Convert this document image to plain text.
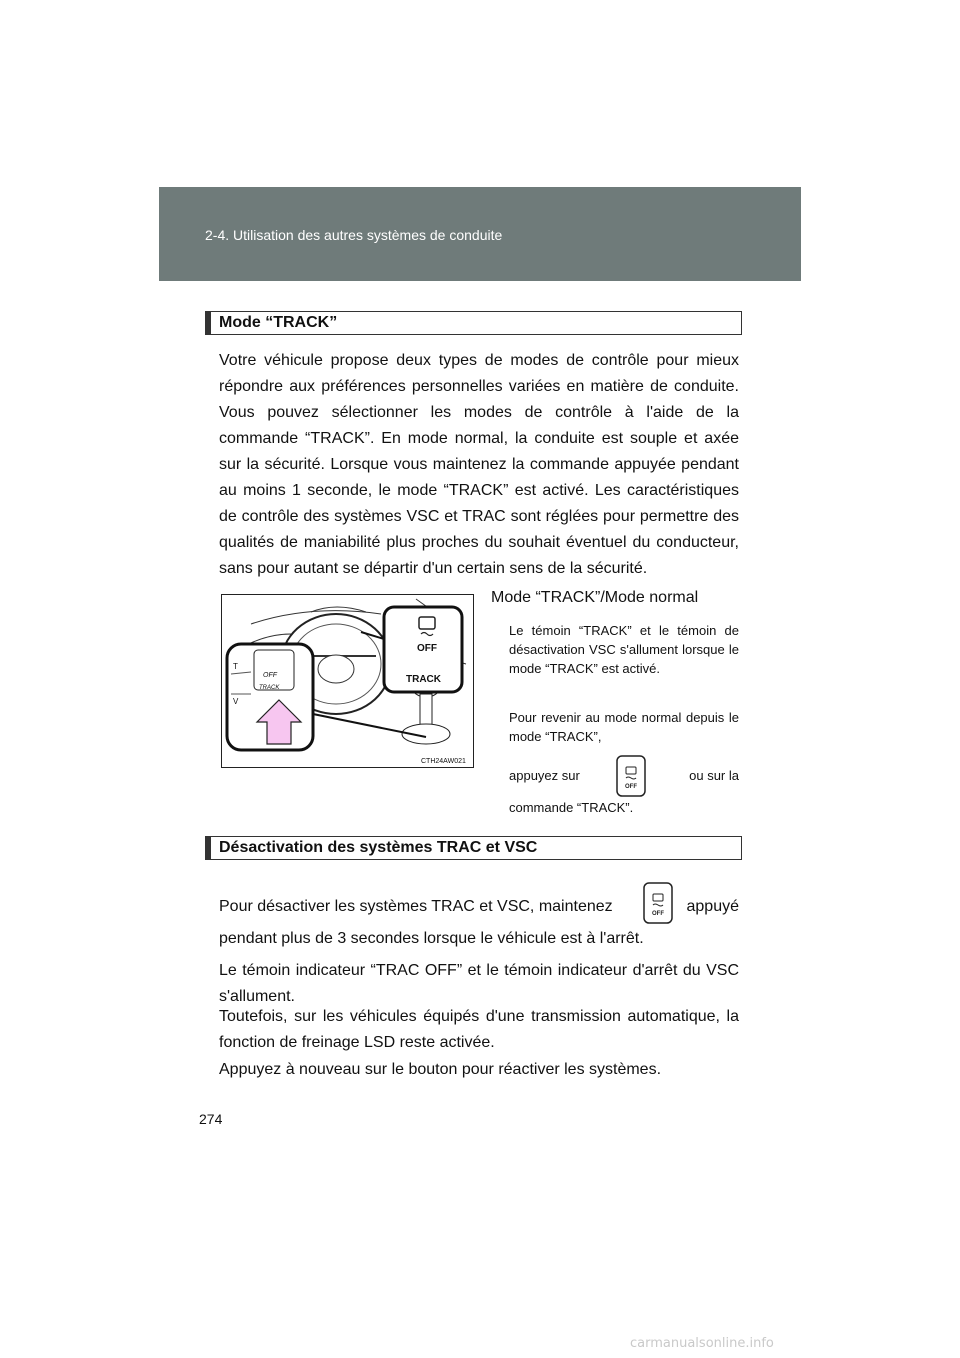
2-4. Utilisation des autres systèmes de conduite
Mode “TRACK”

Votre véhicule propose deux types de modes de contrôle pour mieux répondre aux préférences personnelles variées en matière de conduite. Vous pouvez sélectionner les modes de contrôle à l'aide de la commande “TRACK”. En mode normal, la conduite est souple et axée sur la sécurité. Lorsque vous maintenez la commande appuyée pendant au moins 1 seconde, le mode “TRACK” est activé. Les caractéristiques de contrôle des systèmes VSC et TRAC sont réglées pour permettre des qualités de maniabilité plus proches du souhait éventuel du conducteur, sans pour autant se départir d'un certain sens de la sécurité.

OFF
TRACK
OFF
TRACK
T
V
CTH24AW021
Mode “TRACK”/Mode normal
Le témoin “TRACK” et le témoin de désactivation VSC s'allument lorsque le mode “TRACK” est activé.
Pour revenir au mode normal depuis le mode “TRACK”,
appuyez sur	ou sur la
OFF
commande “TRACK”.
Désactivation des systèmes TRAC et VSC
Pour désactiver les systèmes TRAC et VSC, maintenez	appuyé
OFF
pendant plus de 3 secondes lorsque le véhicule est à l'arrêt.
Le témoin indicateur “TRAC OFF” et le témoin indicateur d'arrêt du VSC s'allument.
Toutefois, sur les véhicules équipés d'une transmission automatique, la fonction de freinage LSD reste activée.
Appuyez à nouveau sur le bouton pour réactiver les systèmes.
274
carmanualsonline.info
